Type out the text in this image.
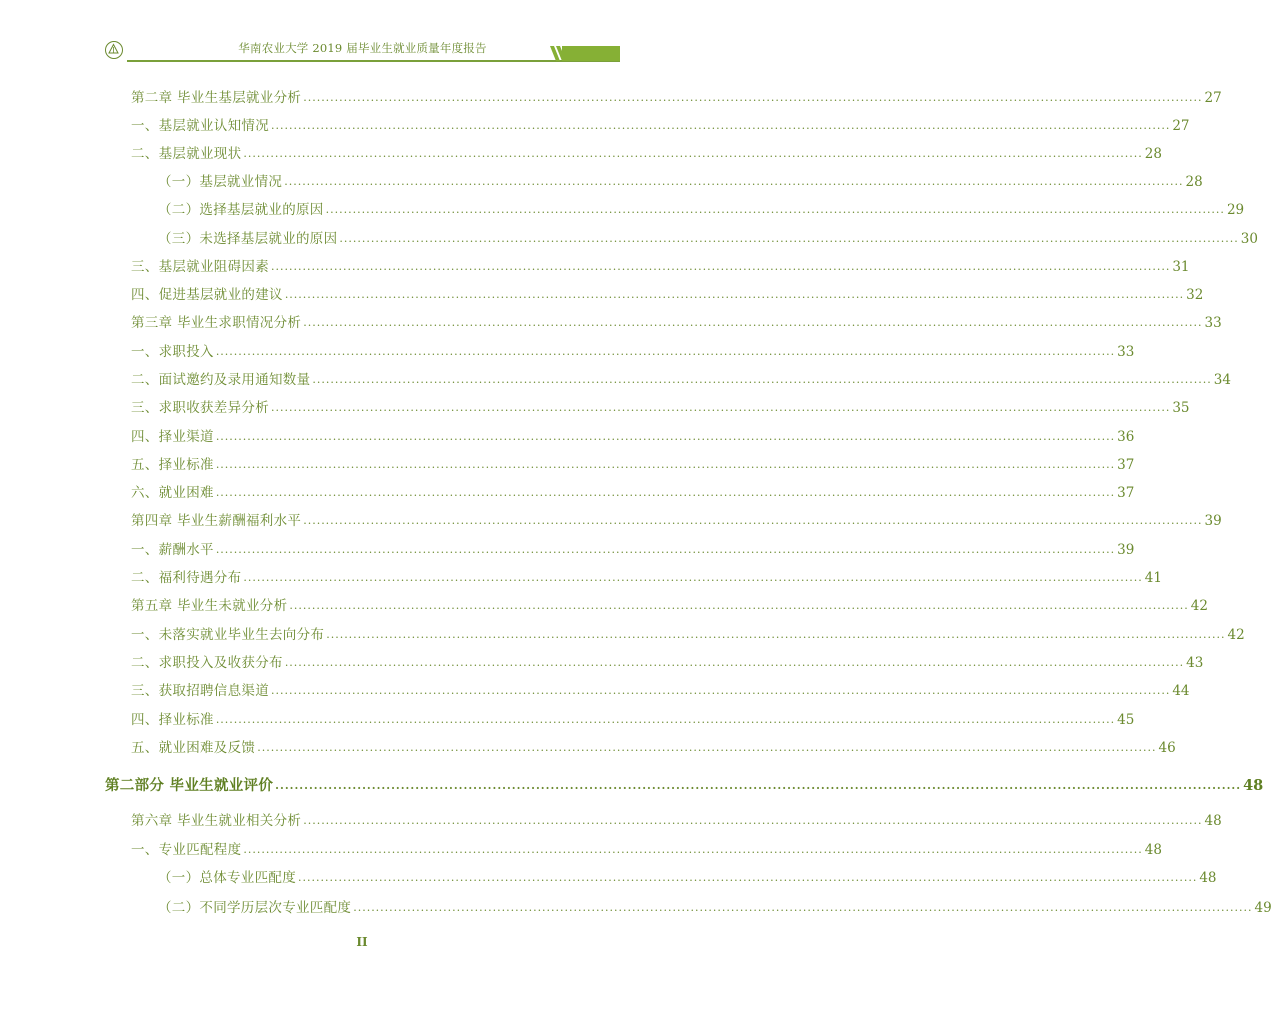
华南农业大学 2019 届毕业生就业质量年度报告
第二章 毕业生基层就业分析 ........................................................................................................................................................................................................ 27
一、基层就业认知情况 ........................................................................................................................................................................................................ 27
二、基层就业现状 ........................................................................................................................................................................................................ 28
（一）基层就业情况 ........................................................................................................................................................................................................ 28
（二）选择基层就业的原因 ........................................................................................................................................................................................................ 29
（三）未选择基层就业的原因 ........................................................................................................................................................................................................ 30
三、基层就业阻碍因素 ........................................................................................................................................................................................................ 31
四、促进基层就业的建议 ........................................................................................................................................................................................................ 32
第三章 毕业生求职情况分析 ........................................................................................................................................................................................................ 33
一、求职投入 ........................................................................................................................................................................................................ 33
二、面试邀约及录用通知数量 ........................................................................................................................................................................................................ 34
三、求职收获差异分析 ........................................................................................................................................................................................................ 35
四、择业渠道 ........................................................................................................................................................................................................ 36
五、择业标准 ........................................................................................................................................................................................................ 37
六、就业困难 ........................................................................................................................................................................................................ 37
第四章 毕业生薪酬福利水平 ........................................................................................................................................................................................................ 39
一、薪酬水平 ........................................................................................................................................................................................................ 39
二、福利待遇分布 ........................................................................................................................................................................................................ 41
第五章 毕业生未就业分析 ........................................................................................................................................................................................................ 42
一、未落实就业毕业生去向分布 ........................................................................................................................................................................................................ 42
二、求职投入及收获分布 ........................................................................................................................................................................................................ 43
三、获取招聘信息渠道 ........................................................................................................................................................................................................ 44
四、择业标准 ........................................................................................................................................................................................................ 45
五、就业困难及反馈 ........................................................................................................................................................................................................ 46
第二部分 毕业生就业评价 ........................................................................................................................................................................................................ 48
第六章 毕业生就业相关分析 ........................................................................................................................................................................................................ 48
一、专业匹配程度 ........................................................................................................................................................................................................ 48
（一）总体专业匹配度 ........................................................................................................................................................................................................ 48
（二）不同学历层次专业匹配度 ........................................................................................................................................................................................................ 49
II
